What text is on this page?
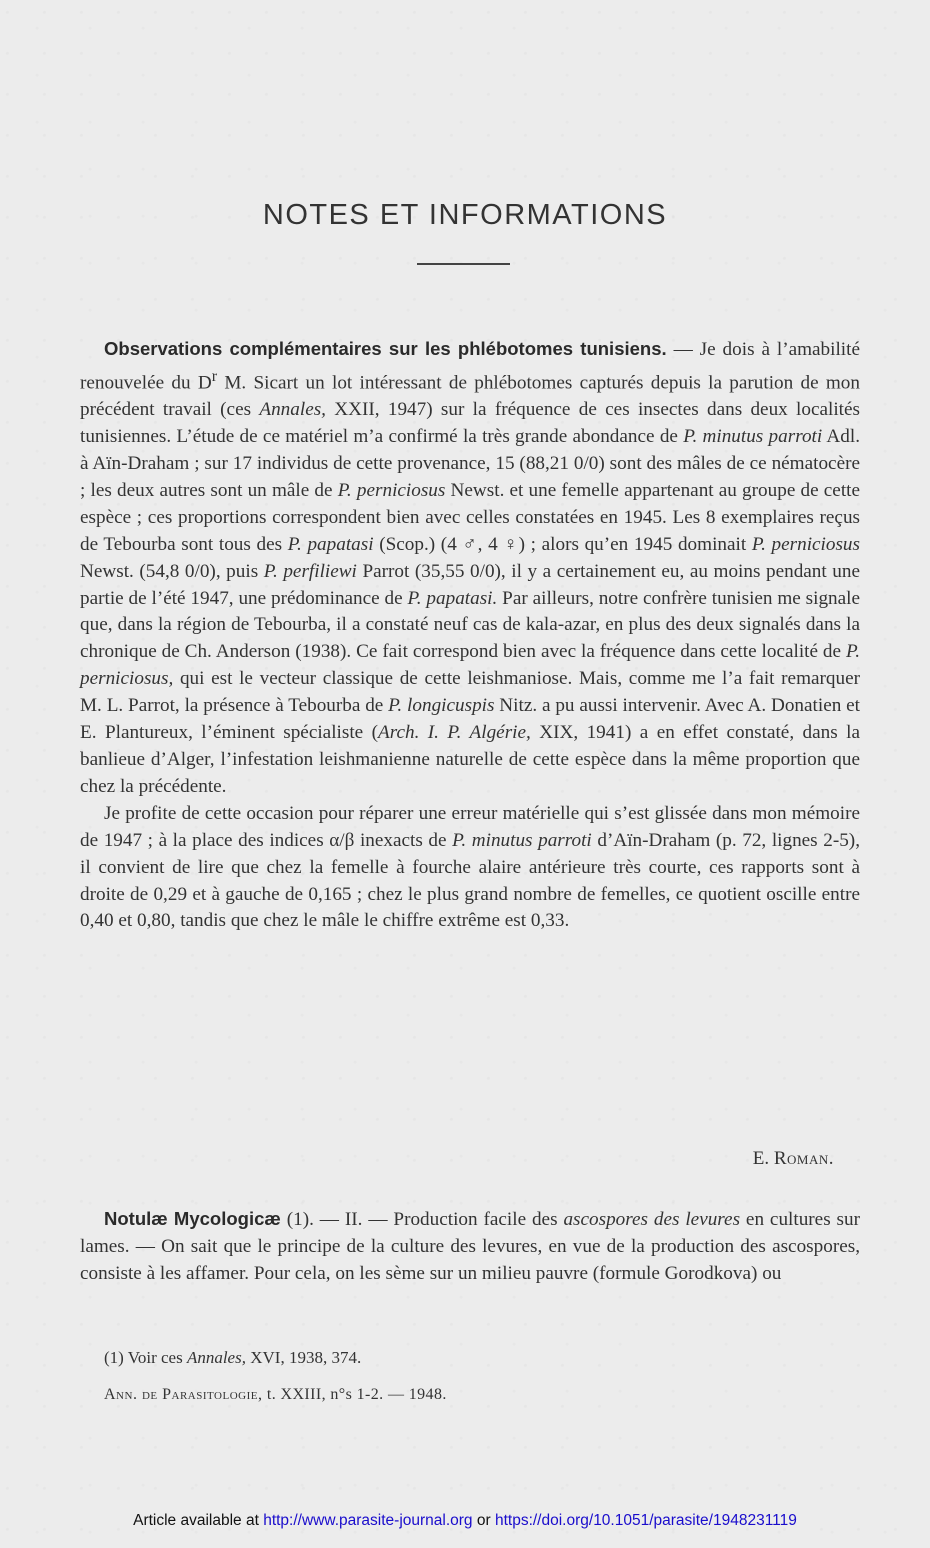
NOTES ET INFORMATIONS

Observations complémentaires sur les phlébotomes tunisiens. — Je dois à l’amabilité renouvelée du $D^r$ M. Sicart un lot intéressant de phlébotomes capturés depuis la parution de mon précédent travail (ces Annales, XXII, 1947) sur la fréquence de ces insectes dans deux localités tunisiennes. L’étude de ce matériel m’a confirmé la très grande abondance de P. minutus parroti Adl. à Aïn-Draham ; sur 17 individus de cette provenance, 15 (88,21 0/0) sont des mâles de ce nématocère ; les deux autres sont un mâle de P. perniciosus Newst. et une femelle appartenant au groupe de cette espèce ; ces proportions correspondent bien avec celles constatées en 1945. Les 8 exemplaires reçus de Tebourba sont tous des P. papatasi (Scop.) (4 ♂, 4 ♀) ; alors qu’en 1945 dominait P. perniciosus Newst. (54,8 0/0), puis P. perfiliewi Parrot (35,55 0/0), il y a certainement eu, au moins pendant une partie de l’été 1947, une prédominance de P. papatasi. Par ailleurs, notre confrère tunisien me signale que, dans la région de Tebourba, il a constaté neuf cas de kala-azar, en plus des deux signalés dans la chronique de Ch. Anderson (1938). Ce fait correspond bien avec la fréquence dans cette localité de P. perniciosus, qui est le vecteur classique de cette leishmaniose. Mais, comme me l’a fait remarquer M. L. Parrot, la présence à Tebourba de P. longicuspis Nitz. a pu aussi intervenir. Avec A. Donatien et E. Plantureux, l’éminent spécialiste (Arch. I. P. Algérie, XIX, 1941) a en effet constaté, dans la banlieue d’Alger, l’infestation leishmanienne naturelle de cette espèce dans la même proportion que chez la précédente.

Je profite de cette occasion pour réparer une erreur matérielle qui s’est glissée dans mon mémoire de 1947 ; à la place des indices α/β inexacts de P. minutus parroti d’Aïn-Draham (p. 72, lignes 2-5), il convient de lire que chez la femelle à fourche alaire antérieure très courte, ces rapports sont à droite de 0,29 et à gauche de 0,165 ; chez le plus grand nombre de femelles, ce quotient oscille entre 0,40 et 0,80, tandis que chez le mâle le chiffre extrême est 0,33.

E. Roman.

Notulæ Mycologicæ (1). — II. — Production facile des ascospores des levures en cultures sur lames. — On sait que le principe de la culture des levures, en vue de la production des ascospores, consiste à les affamer. Pour cela, on les sème sur un milieu pauvre (formule Gorodkova) ou

(1) Voir ces Annales, XVI, 1938, 374.
Ann. de Parasitologie, t. XXIII, n°s 1-2. — 1948.
Article available at http://www.parasite-journal.org or https://doi.org/10.1051/parasite/1948231119
